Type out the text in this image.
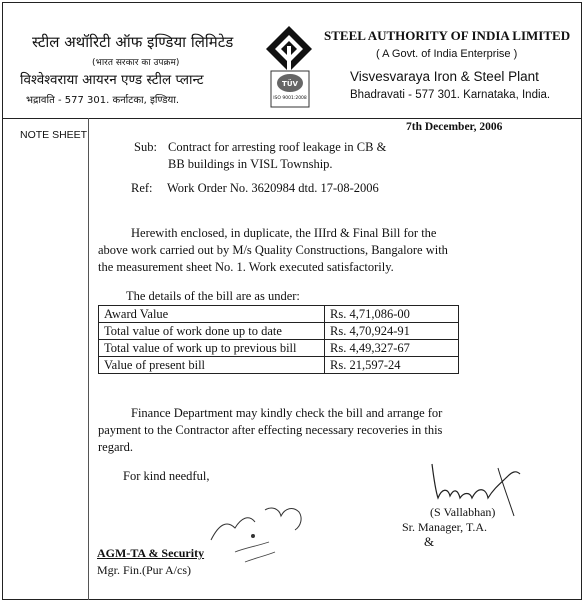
स्टील अथॉरिटी ऑफ इण्डिया लिमिटेड
(भारत सरकार का उपक्रम)
विश्वेश्वराया आयरन एण्ड स्टील प्लान्ट
भद्रावति - 577 301. कर्नाटका, इण्डिया.
TÜV
ISO 9001:2008
STEEL AUTHORITY OF INDIA LIMITED
( A Govt. of India Enterprise )
Visvesvaraya Iron & Steel Plant
Bhadravati - 577 301. Karnataka, India.
NOTE SHEET
7th December, 2006
Sub: Contract for arresting roof leakage in CB &
BB buildings in VISL Township.
Ref: Work Order No. 3620984 dtd. 17-08-2006
Herewith enclosed, in duplicate, the IIIrd & Final Bill for the
above work carried out by M/s Quality Constructions, Bangalore with
the measurement sheet No. 1. Work executed satisfactorily.
The details of the bill are as under:
Award Value	Rs. 4,71,086-00
Total value of work done up to date	Rs. 4,70,924-91
Total value of work up to previous bill	Rs. 4,49,327-67
Value of present bill	Rs. 21,597-24
Finance Department may kindly check the bill and arrange for
payment to the Contractor after effecting necessary recoveries in this
regard.
For kind needful,
(S Vallabhan)
Sr. Manager, T.A.
&
AGM-TA & Security
Mgr. Fin.(Pur A/cs)
